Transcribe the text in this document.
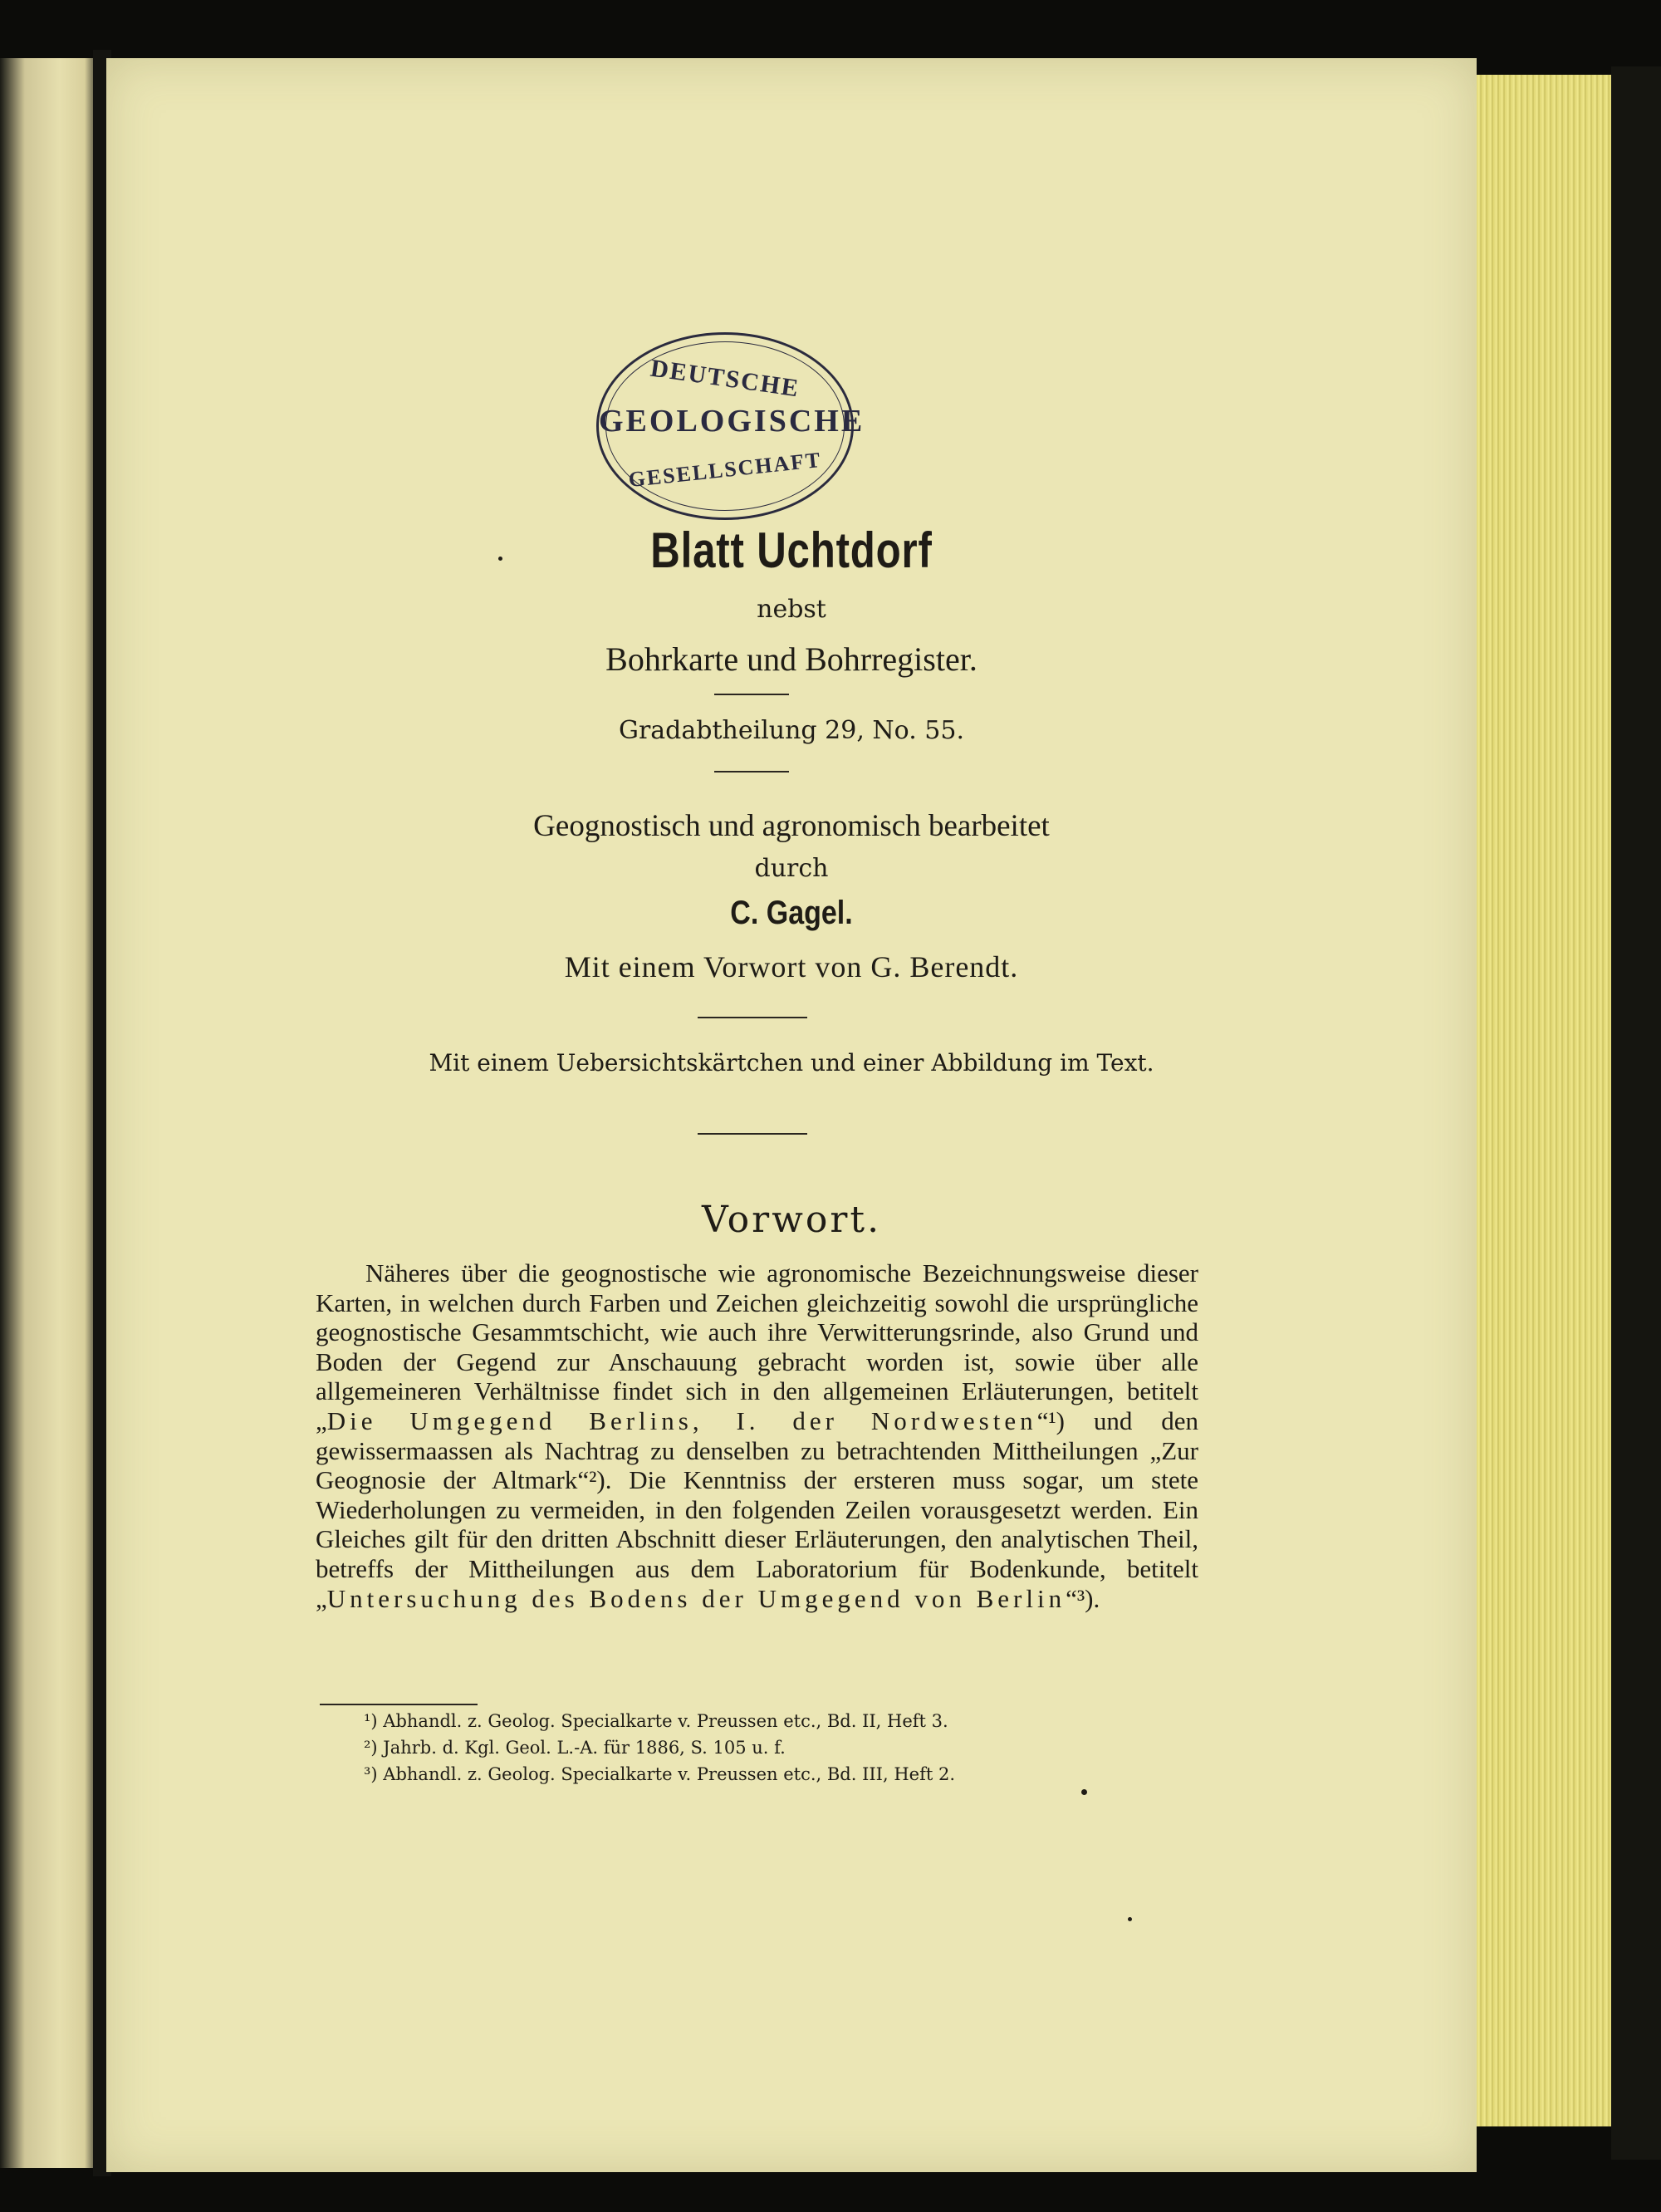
DEUTSCHE
GEOLOGISCHE
GESELLSCHAFT
Blatt Uchtdorf
nebst
Bohrkarte und Bohrregister.
Gradabtheilung 29, No. 55.
Geognostisch und agronomisch bearbeitet
durch
C. Gagel.
Mit einem Vorwort von G. Berendt.
Mit einem Uebersichtskärtchen und einer Abbildung im Text.
Vorwort.

Näheres über die geognostische wie agronomische Bezeichnungsweise dieser Karten, in welchen durch Farben und Zeichen gleichzeitig sowohl die ursprüngliche geognostische Gesammtschicht, wie auch ihre Verwitterungsrinde, also Grund und Boden der Gegend zur Anschauung gebracht worden ist, sowie über alle allgemeineren Verhältnisse findet sich in den allgemeinen Erläuterungen, betitelt „Die Umgegend Berlins, I. der Nordwesten“¹) und den gewissermaassen als Nachtrag zu denselben zu betrachtenden Mittheilungen „Zur Geognosie der Altmark“²). Die Kenntniss der ersteren muss sogar, um stete Wiederholungen zu vermeiden, in den folgenden Zeilen vorausgesetzt werden. Ein Gleiches gilt für den dritten Abschnitt dieser Erläuterungen, den analytischen Theil, betreffs der Mittheilungen aus dem Laboratorium für Bodenkunde, betitelt „Untersuchung des Bodens der Umgegend von Berlin“³).

¹) Abhandl. z. Geolog. Specialkarte v. Preussen etc., Bd. II, Heft 3.
²) Jahrb. d. Kgl. Geol. L.-A. für 1886, S. 105 u. f.
³) Abhandl. z. Geolog. Specialkarte v. Preussen etc., Bd. III, Heft 2.
